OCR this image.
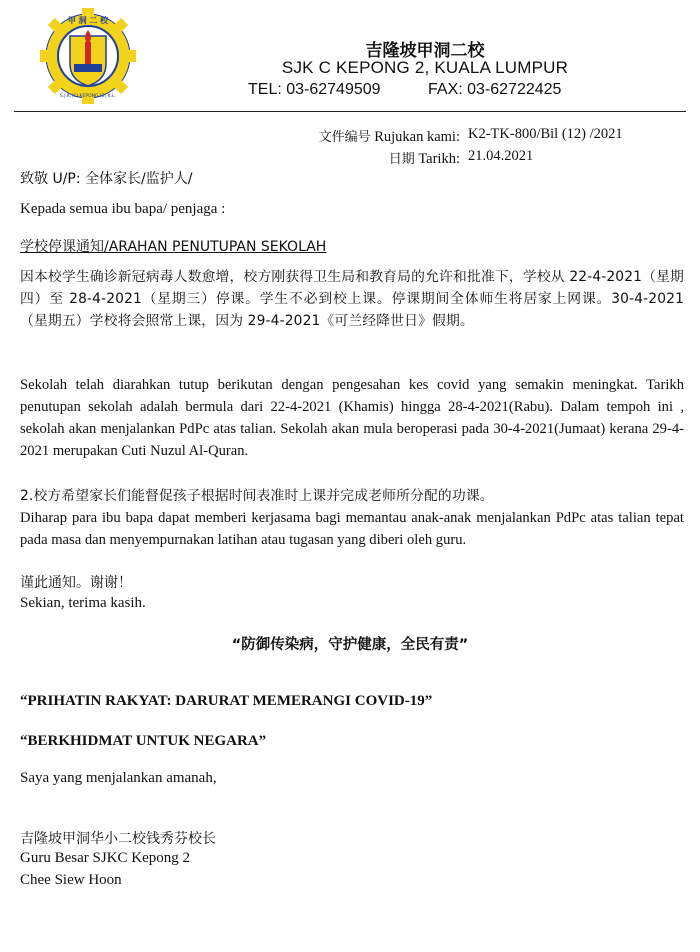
甲 洞 二 校
S.J.K.(C) KEPONG (2) K.L.
吉隆坡甲洞二校
SJK C KEPONG 2, KUALA LUMPUR
TEL: 03-62749509	FAX: 03-62722425
文件编号 Rujukan kami: K2-TK-800/Bil (12) /2021
日期 Tarikh: 21.04.2021
致敬 U/P: 全体家长/监护人/
Kepada semua ibu bapa/ penjaga :
学校停课通知/ARAHAN PENUTUPAN SEKOLAH
因本校学生确诊新冠病毒人数愈增，校方刚获得卫生局和教育局的允许和批准下，学校从 22-4-2021（星期四）至 28-4-2021（星期三）停课。学生不必到校上课。停课期间全体师生将居家上网课。30-4-2021（星期五）学校将会照常上课，因为 29-4-2021《可兰经降世日》假期。
Sekolah telah diarahkan tutup berikutan dengan pengesahan kes covid yang semakin meningkat. Tarikh penutupan sekolah adalah bermula dari 22-4-2021 (Khamis) hingga 28-4-2021(Rabu). Dalam tempoh ini , sekolah akan menjalankan PdPc atas talian. Sekolah akan mula beroperasi pada 30-4-2021(Jumaat) kerana 29-4-2021 merupakan Cuti Nuzul Al-Quran.
2.校方希望家长们能督促孩子根据时间表准时上课并完成老师所分配的功课。
Diharap para ibu bapa dapat memberi kerjasama bagi memantau anak-anak menjalankan PdPc atas talian tepat pada masa dan menyempurnakan latihan atau tugasan yang diberi oleh guru.
谨此通知。谢谢！
Sekian, terima kasih.
“防御传染病，守护健康，全民有责”
“PRIHATIN RAKYAT: DARURAT MEMERANGI COVID-19”
“BERKHIDMAT UNTUK NEGARA”
Saya yang menjalankan amanah,
吉隆坡甲洞华小二校钱秀芬校长
Guru Besar SJKC Kepong 2
Chee Siew Hoon
